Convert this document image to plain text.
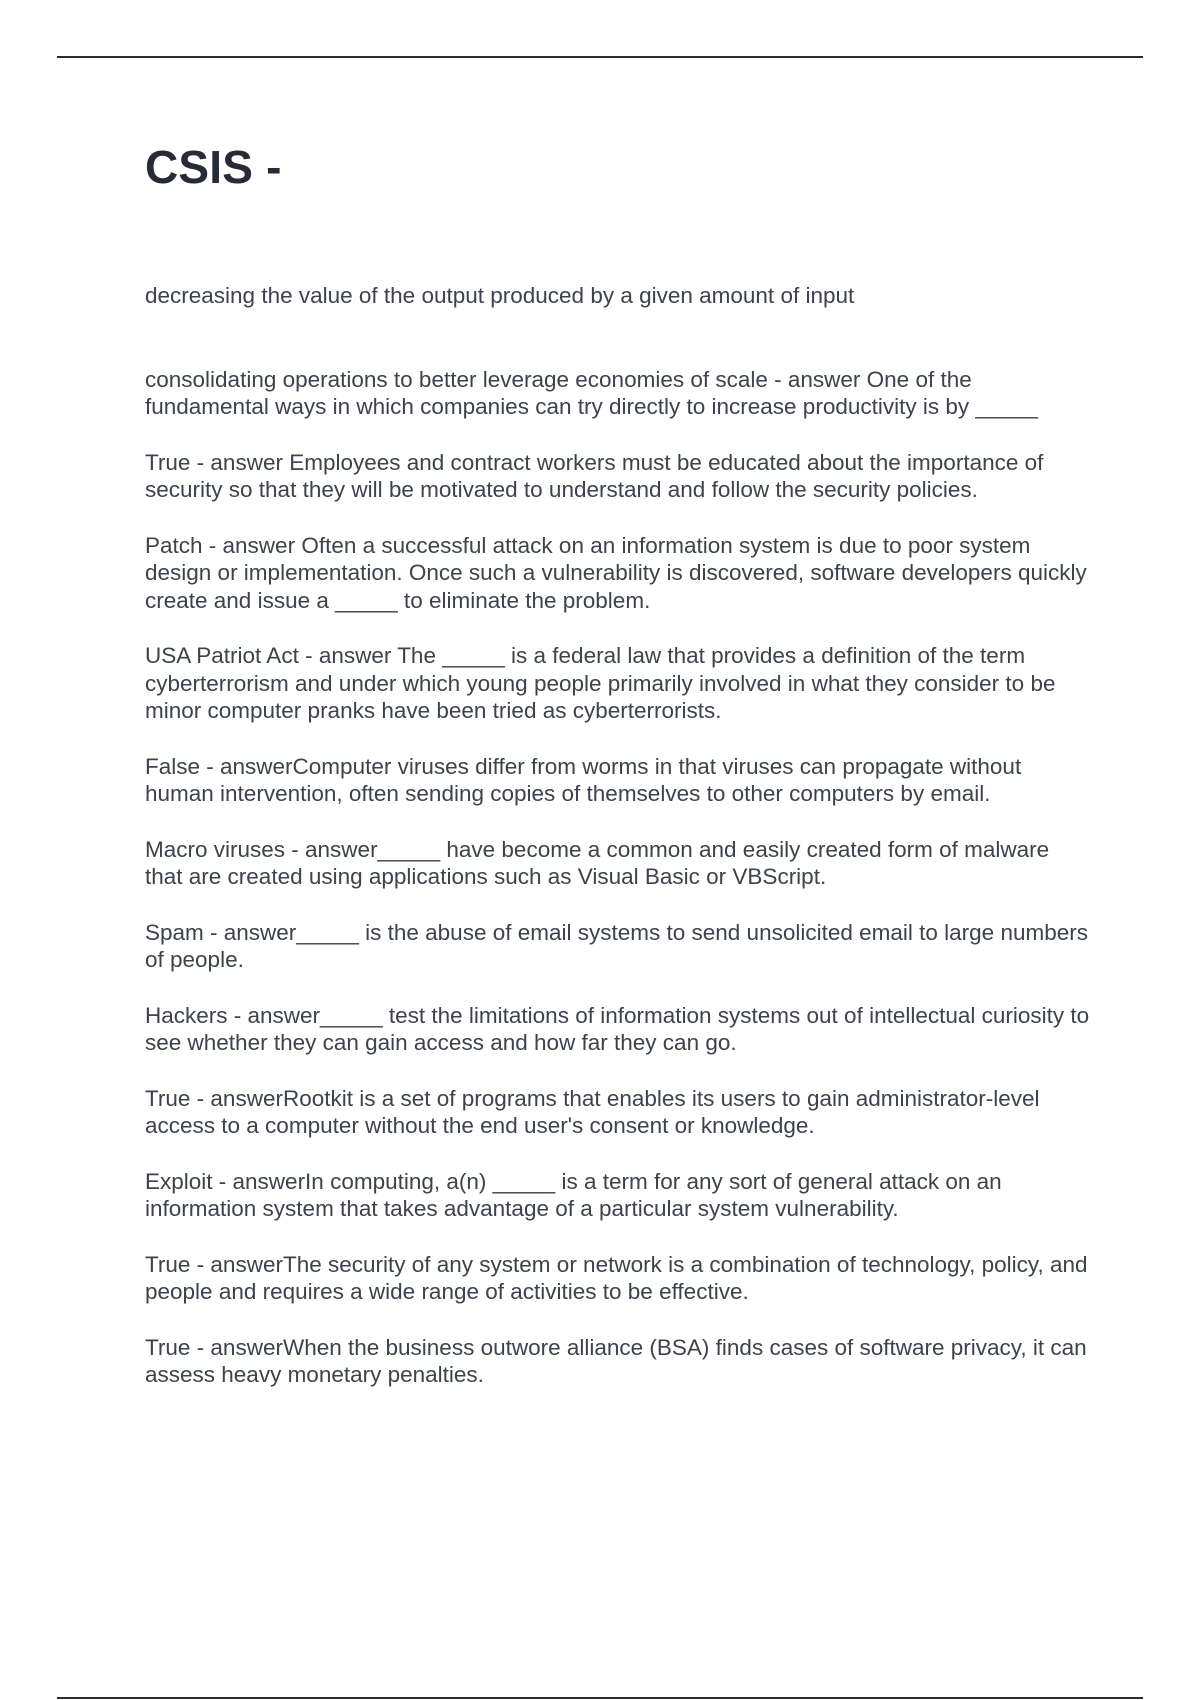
CSIS -

decreasing the value of the output produced by a given amount of input

consolidating operations to better leverage economies of scale - answer One of the fundamental ways in which companies can try directly to increase productivity is by _____

True - answer Employees and contract workers must be educated about the importance of security so that they will be motivated to understand and follow the security policies.

Patch - answer Often a successful attack on an information system is due to poor system design or implementation. Once such a vulnerability is discovered, software developers quickly create and issue a _____ to eliminate the problem.

USA Patriot Act - answer The _____ is a federal law that provides a definition of the term cyberterrorism and under which young people primarily involved in what they consider to be minor computer pranks have been tried as cyberterrorists.

False - answerComputer viruses differ from worms in that viruses can propagate without human intervention, often sending copies of themselves to other computers by email.

Macro viruses - answer_____ have become a common and easily created form of malware that are created using applications such as Visual Basic or VBScript.

Spam - answer_____ is the abuse of email systems to send unsolicited email to large numbers of people.

Hackers - answer_____ test the limitations of information systems out of intellectual curiosity to see whether they can gain access and how far they can go.

True - answerRootkit is a set of programs that enables its users to gain administrator-level access to a computer without the end user's consent or knowledge.

Exploit - answerIn computing, a(n) _____ is a term for any sort of general attack on an information system that takes advantage of a particular system vulnerability.

True - answerThe security of any system or network is a combination of technology, policy, and people and requires a wide range of activities to be effective.

True - answerWhen the business outwore alliance (BSA) finds cases of software privacy, it can assess heavy monetary penalties.
